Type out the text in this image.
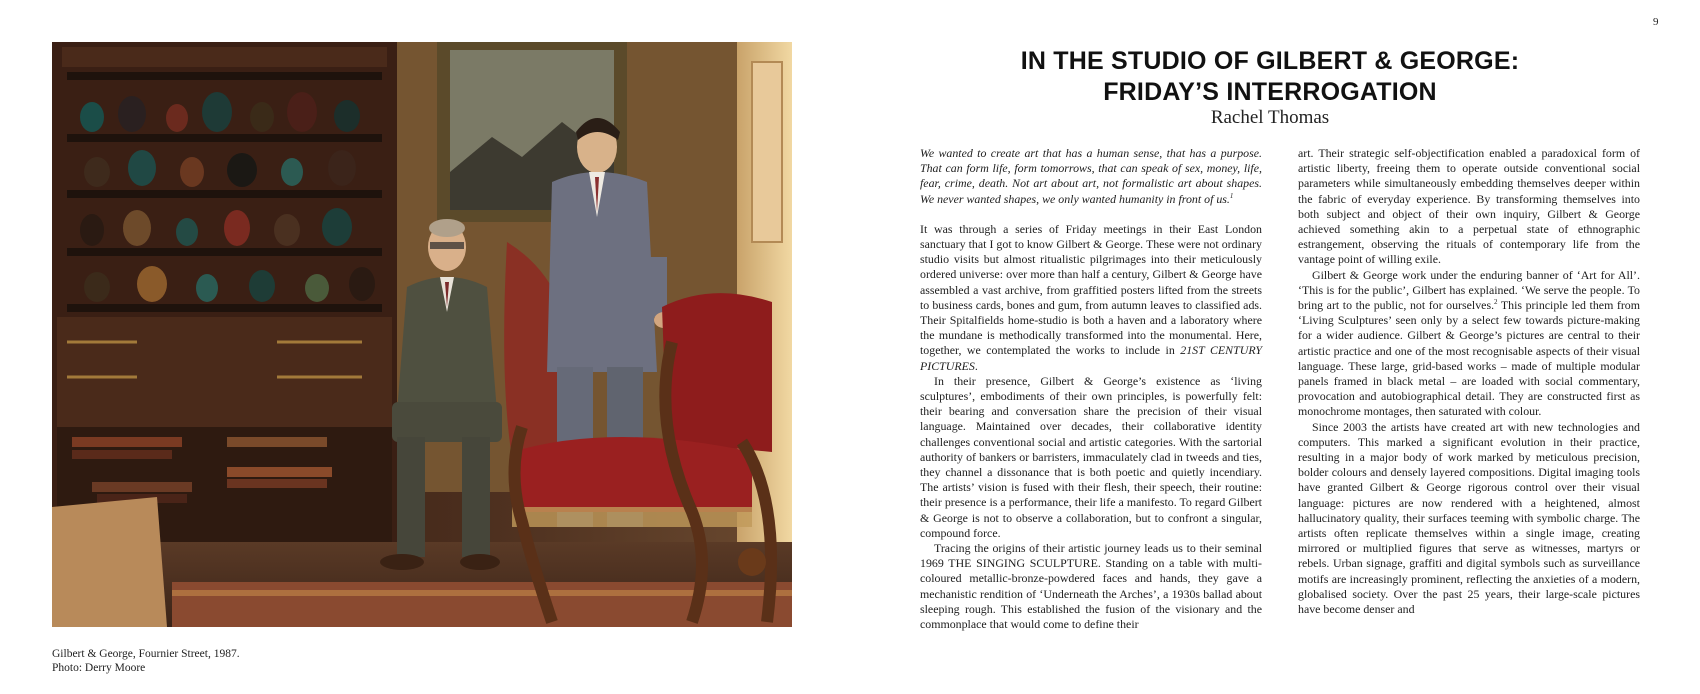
9
Gilbert & George, Fournier Street, 1987.
Photo: Derry Moore
IN THE STUDIO OF GILBERT & GEORGE:
FRIDAY’S INTERROGATION
Rachel Thomas

We wanted to create art that has a human sense, that has a purpose. That can form life, form tomorrows, that can speak of sex, money, life, fear, crime, death. Not art about art, not formalistic art about shapes. We never wanted shapes, we only wanted humanity in front of us.$^1$

It was through a series of Friday meetings in their East London sanctuary that I got to know Gilbert & George. These were not ordinary studio visits but almost ritualistic pilgrimages into their meticulously ordered universe: over more than half a century, Gilbert & George have assembled a vast archive, from graffitied posters lifted from the streets to business cards, bones and gum, from autumn leaves to classified ads. Their Spitalfields home-studio is both a haven and a laboratory where the mundane is methodically transformed into the monumental. Here, together, we contemplated the works to include in 21ST CENTURY PICTURES.

In their presence, Gilbert & George’s existence as ‘living sculptures’, embodiments of their own principles, is powerfully felt: their bearing and conversation share the precision of their visual language. Maintained over decades, their collaborative identity challenges conventional social and artistic categories. With the sartorial authority of bankers or barristers, immaculately clad in tweeds and ties, they channel a dissonance that is both poetic and quietly incendiary. The artists’ vision is fused with their flesh, their speech, their routine: their presence is a performance, their life a manifesto. To regard Gilbert & George is not to observe a collaboration, but to confront a singular, compound force.

Tracing the origins of their artistic journey leads us to their seminal 1969 THE SINGING SCULPTURE. Standing on a table with multi-coloured metallic-bronze-powdered faces and hands, they gave a mechanistic rendition of ‘Underneath the Arches’, a 1930s ballad about sleeping rough. This established the fusion of the visionary and the commonplace that would come to define their

art. Their strategic self-objectification enabled a paradoxical form of artistic liberty, freeing them to operate outside conventional social parameters while simultaneously embedding themselves deeper within the fabric of everyday experience. By transforming themselves into both subject and object of their own inquiry, Gilbert & George achieved something akin to a perpetual state of ethnographic estrangement, observing the rituals of contemporary life from the vantage point of willing exile.

Gilbert & George work under the enduring banner of ‘Art for All’. ‘This is for the public’, Gilbert has explained. ‘We serve the people. To bring art to the public, not for ourselves.$^2$ This principle led them from ‘Living Sculptures’ seen only by a select few towards picture-making for a wider audience. Gilbert & George’s pictures are central to their artistic practice and one of the most recognisable aspects of their visual language. These large, grid-based works – made of multiple modular panels framed in black metal – are loaded with social commentary, provocation and autobiographical detail. They are constructed first as monochrome montages, then saturated with colour.

Since 2003 the artists have created art with new technologies and computers. This marked a significant evolution in their practice, resulting in a major body of work marked by meticulous precision, bolder colours and densely layered compositions. Digital imaging tools have granted Gilbert & George rigorous control over their visual language: pictures are now rendered with a heightened, almost hallucinatory quality, their surfaces teeming with symbolic charge. The artists often replicate themselves within a single image, creating mirrored or multiplied figures that serve as witnesses, martyrs or rebels. Urban signage, graffiti and digital symbols such as surveillance motifs are increasingly prominent, reflecting the anxieties of a modern, globalised society. Over the past 25 years, their large-scale pictures have become denser and
